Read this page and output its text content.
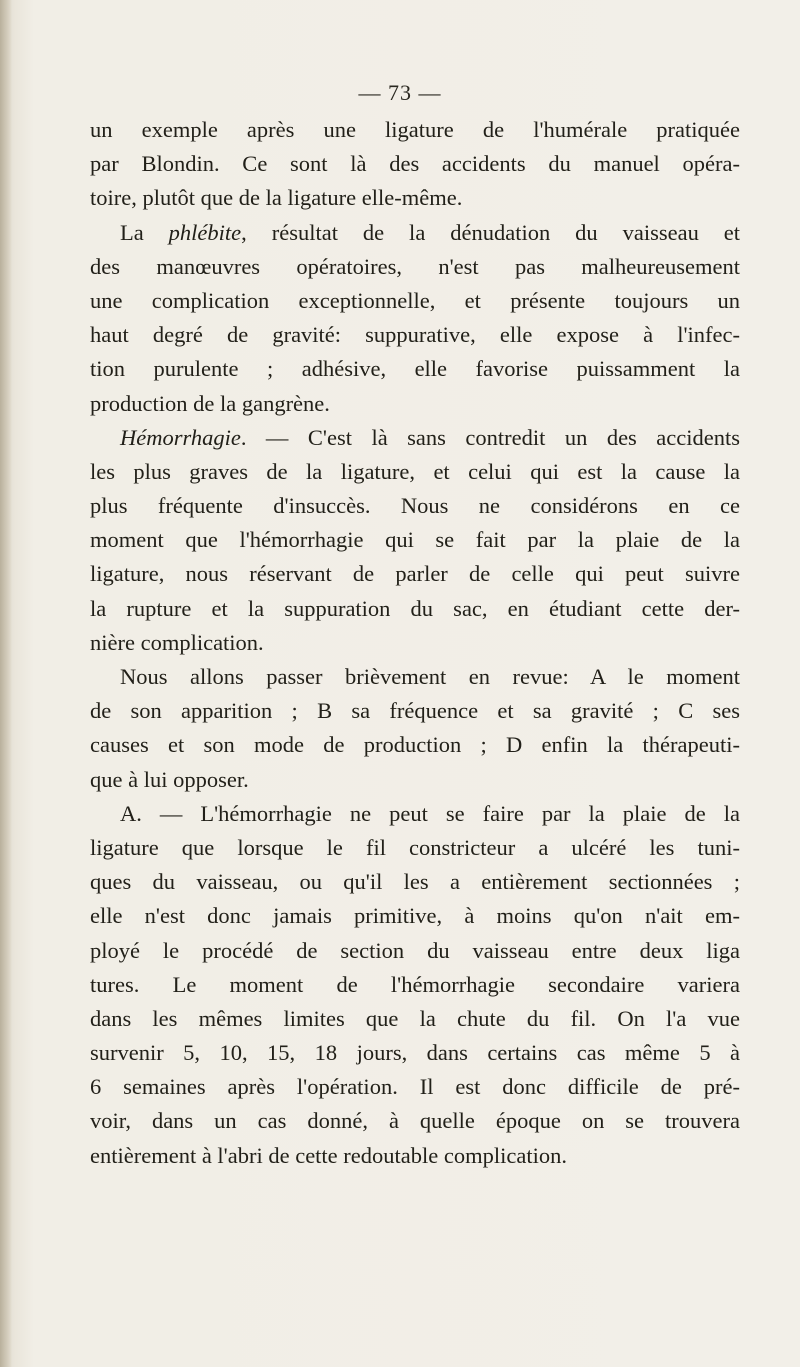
— 73 —
un exemple après une ligature de l'humérale pratiquée
par Blondin. Ce sont là des accidents du manuel opéra-
toire, plutôt que de la ligature elle-même.
La phlébite, résultat de la dénudation du vaisseau et
des manœuvres opératoires, n'est pas malheureusement
une complication exceptionnelle, et présente toujours un
haut degré de gravité: suppurative, elle expose à l'infec-
tion purulente ; adhésive, elle favorise puissamment la
production de la gangrène.
Hémorrhagie. — C'est là sans contredit un des accidents
les plus graves de la ligature, et celui qui est la cause la
plus fréquente d'insuccès. Nous ne considérons en ce
moment que l'hémorrhagie qui se fait par la plaie de la
ligature, nous réservant de parler de celle qui peut suivre
la rupture et la suppuration du sac, en étudiant cette der-
nière complication.
Nous allons passer brièvement en revue: A le moment
de son apparition ; B sa fréquence et sa gravité ; C ses
causes et son mode de production ; D enfin la thérapeuti-
que à lui opposer.
A. — L'hémorrhagie ne peut se faire par la plaie de la
ligature que lorsque le fil constricteur a ulcéré les tuni-
ques du vaisseau, ou qu'il les a entièrement sectionnées ;
elle n'est donc jamais primitive, à moins qu'on n'ait em-
ployé le procédé de section du vaisseau entre deux liga
tures. Le moment de l'hémorrhagie secondaire variera
dans les mêmes limites que la chute du fil. On l'a vue
survenir 5, 10, 15, 18 jours, dans certains cas même 5 à
6 semaines après l'opération. Il est donc difficile de pré-
voir, dans un cas donné, à quelle époque on se trouvera
entièrement à l'abri de cette redoutable complication.
